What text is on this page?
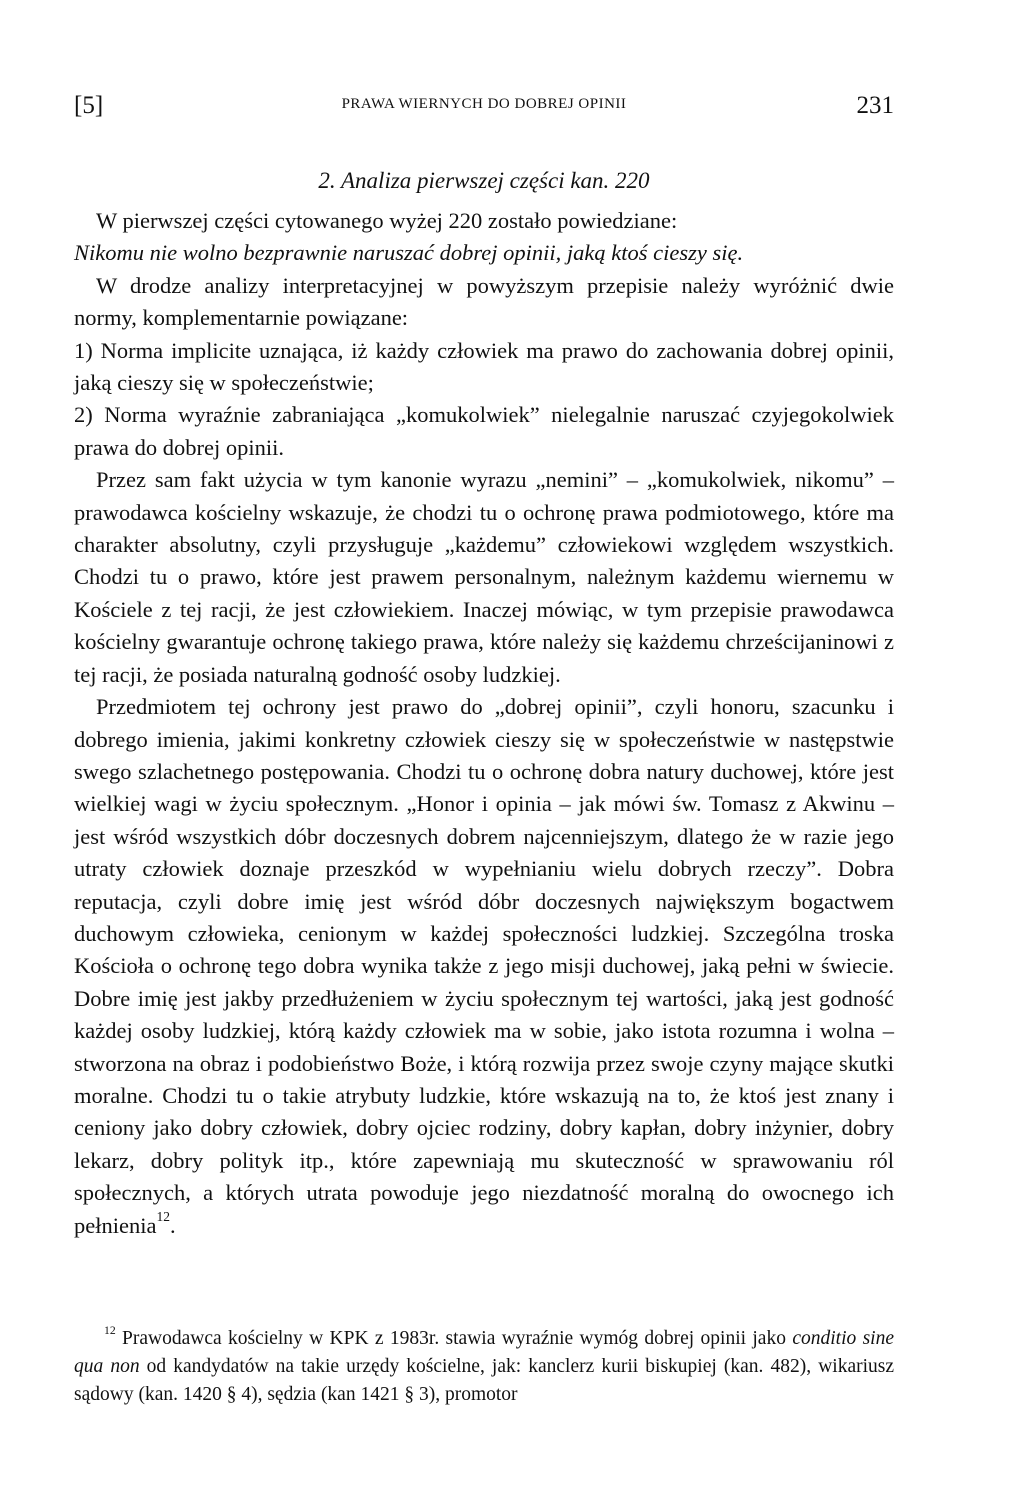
[5]	PRAWA WIERNYCH DO DOBREJ OPINII	231
2. Analiza pierwszej części kan. 220

W pierwszej części cytowanego wyżej 220 zostało powiedziane:

Nikomu nie wolno bezprawnie naruszać dobrej opinii, jaką ktoś cieszy się.

W drodze analizy interpretacyjnej w powyższym przepisie należy wyróżnić dwie normy, komplementarnie powiązane:

1) Norma implicite uznająca, iż każdy człowiek ma prawo do zachowania dobrej opinii, jaką cieszy się w społeczeństwie;

2) Norma wyraźnie zabraniająca „komukolwiek” nielegalnie naruszać czyjegokolwiek prawa do dobrej opinii.

Przez sam fakt użycia w tym kanonie wyrazu „nemini” – „komukolwiek, nikomu” – prawodawca kościelny wskazuje, że chodzi tu o ochronę prawa podmiotowego, które ma charakter absolutny, czyli przysługuje „każdemu” człowiekowi względem wszystkich. Chodzi tu o prawo, które jest prawem personalnym, należnym każdemu wiernemu w Kościele z tej racji, że jest człowiekiem. Inaczej mówiąc, w tym przepisie prawodawca kościelny gwarantuje ochronę takiego prawa, które należy się każdemu chrześcijaninowi z tej racji, że posiada naturalną godność osoby ludzkiej.

Przedmiotem tej ochrony jest prawo do „dobrej opinii”, czyli honoru, szacunku i dobrego imienia, jakimi konkretny człowiek cieszy się w społeczeństwie w następstwie swego szlachetnego postępowania. Chodzi tu o ochronę dobra natury duchowej, które jest wielkiej wagi w życiu społecznym. „Honor i opinia – jak mówi św. Tomasz z Akwinu – jest wśród wszystkich dóbr doczesnych dobrem najcenniejszym, dlatego że w razie jego utraty człowiek doznaje przeszkód w wypełnianiu wielu dobrych rzeczy”. Dobra reputacja, czyli dobre imię jest wśród dóbr doczesnych największym bogactwem duchowym człowieka, cenionym w każdej społeczności ludzkiej. Szczególna troska Kościoła o ochronę tego dobra wynika także z jego misji duchowej, jaką pełni w świecie. Dobre imię jest jakby przedłużeniem w życiu społecznym tej wartości, jaką jest godność każdej osoby ludzkiej, którą każdy człowiek ma w sobie, jako istota rozumna i wolna – stworzona na obraz i podobieństwo Boże, i którą rozwija przez swoje czyny mające skutki moralne. Chodzi tu o takie atrybuty ludzkie, które wskazują na to, że ktoś jest znany i ceniony jako dobry człowiek, dobry ojciec rodziny, dobry kapłan, dobry inżynier, dobry lekarz, dobry polityk itp., które zapewniają mu skuteczność w sprawowaniu ról społecznych, a których utrata powoduje jego niezdatność moralną do owocnego ich pełnienia$^{12}$.

$^{12}$ Prawodawca kościelny w KPK z 1983r. stawia wyraźnie wymóg dobrej opinii jako conditio sine qua non od kandydatów na takie urzędy kościelne, jak: kanclerz kurii biskupiej (kan. 482), wikariusz sądowy (kan. 1420 § 4), sędzia (kan 1421 § 3), promotor
